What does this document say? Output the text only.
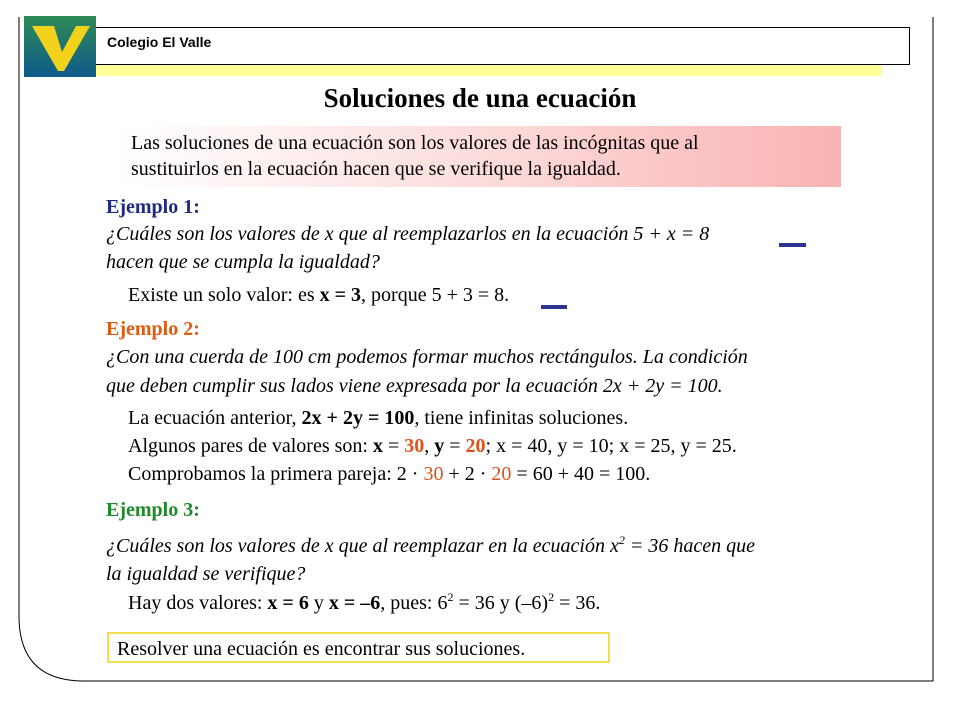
Colegio El Valle
Soluciones de una ecuación

Las soluciones de una ecuación son los valores de las incógnitas que al

sustituirlos en la ecuación hacen que se verifique la igualdad.

Ejemplo 1:
¿Cuáles son los valores de x que al reemplazarlos en la ecuación 5 + x = 8
hacen que se cumpla la igualdad?
Existe un solo valor: es x = 3, porque 5 + 3 = 8.
Ejemplo 2:
¿Con una cuerda de 100 cm podemos formar muchos rectángulos. La condición
que deben cumplir sus lados viene expresada por la ecuación 2x + 2y = 100.
La ecuación anterior, 2x + 2y = 100, tiene infinitas soluciones.
Algunos pares de valores son: x = 30, y = 20; x = 40, y = 10; x = 25, y = 25.
Comprobamos la primera pareja: 2 · 30 + 2 · 20 = 60 + 40 = 100.
Ejemplo 3:
¿Cuáles son los valores de x que al reemplazar en la ecuación $x^2 = 36$ hacen que
la igualdad se verifique?
Hay dos valores: x = 6 y x = –6, pues: $6^2 = 36$ y $(-6)^2 = 36$.
Resolver una ecuación es encontrar sus soluciones.
